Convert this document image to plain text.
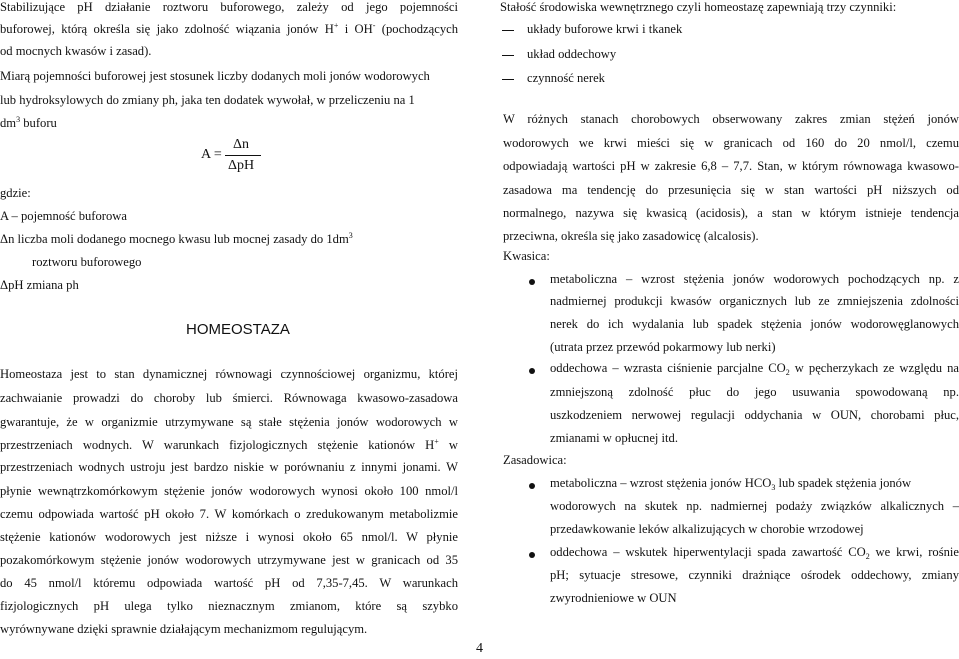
Stabilizujące pH działanie roztworu buforowego, zależy od jego pojemności
buforowej, którą określa się jako zdolność wiązania jonów H+ i OH- (pochodzących
od mocnych kwasów i zasad).
Miarą pojemności buforowej jest stosunek liczby dodanych moli jonów wodorowych
lub hydroksylowych do zmiany ph, jaka ten dodatek wywołał, w przeliczeniu na 1
$dm^3$ buforu
A =
Δn
ΔpH
gdzie:
A – pojemność buforowa
Δn liczba moli dodanego mocnego kwasu lub mocnej zasady do $1dm^3$
roztworu buforowego
ΔpH zmiana ph
HOMEOSTAZA
Homeostaza jest to stan dynamicznej równowagi czynnościowej organizmu, której
zachwaianie prowadzi do choroby lub śmierci. Równowaga kwasowo-zasadowa
gwarantuje, że w organizmie utrzymywane są stałe stężenia jonów wodorowych w
przestrzeniach wodnych. W warunkach fizjologicznych stężenie kationów H+ w
przestrzeniach wodnych ustroju jest bardzo niskie w porównaniu z innymi jonami. W
płynie wewnątrzkomórkowym stężenie jonów wodorowych wynosi około 100 nmol/l
czemu odpowiada wartość pH około 7. W komórkach o zredukowanym metabolizmie
stężenie kationów wodorowych jest niższe i wynosi około 65 nmol/l. W płynie
pozakomórkowym stężenie jonów wodorowych utrzymywane jest w granicach od 35
do 45 nmol/l któremu odpowiada wartość pH od 7,35-7,45. W warunkach
fizjologicznych pH ulega tylko nieznacznym zmianom, które są szybko
wyrównywane dzięki sprawnie działającym mechanizmom regulującym.
4
Stałość środowiska wewnętrznego czyli homeostazę zapewniają trzy czynniki:
układy buforowe krwi i tkanek
układ oddechowy
czynność nerek
W różnych stanach chorobowych obserwowany zakres zmian stężeń jonów
wodorowych we krwi mieści się w granicach od 160 do 20 nmol/l, czemu
odpowiadają wartości pH w zakresie 6,8 – 7,7. Stan, w którym równowaga kwasowo-
zasadowa ma tendencję do przesunięcia się w stan wartości pH niższych od
normalnego, nazywa się kwasicą (acidosis), a stan w którym istnieje tendencja
przeciwna, określa się jako zasadowicę (alcalosis).
Kwasica:
metaboliczna – wzrost stężenia jonów wodorowych pochodzących np. z
nadmiernej produkcji kwasów organicznych lub ze zmniejszenia zdolności
nerek do ich wydalania lub spadek stężenia jonów wodorowęglanowych
(utrata przez przewód pokarmowy lub nerki)
oddechowa – wzrasta ciśnienie parcjalne $CO_2$ w pęcherzykach ze względu na
zmniejszoną zdolność płuc do jego usuwania spowodowaną np.
uszkodzeniem nerwowej regulacji oddychania w OUN, chorobami płuc,
zmianami w opłucnej itd.
Zasadowica:
metaboliczna – wzrost stężenia jonów $HCO_3$ lub spadek stężenia jonów
wodorowych na skutek np. nadmiernej podaży związków alkalicznych –
przedawkowanie leków alkalizujących w chorobie wrzodowej
oddechowa – wskutek hiperwentylacji spada zawartość $CO_2$ we krwi, rośnie
pH; sytuacje stresowe, czynniki drażniące ośrodek oddechowy, zmiany
zwyrodnieniowe w OUN
